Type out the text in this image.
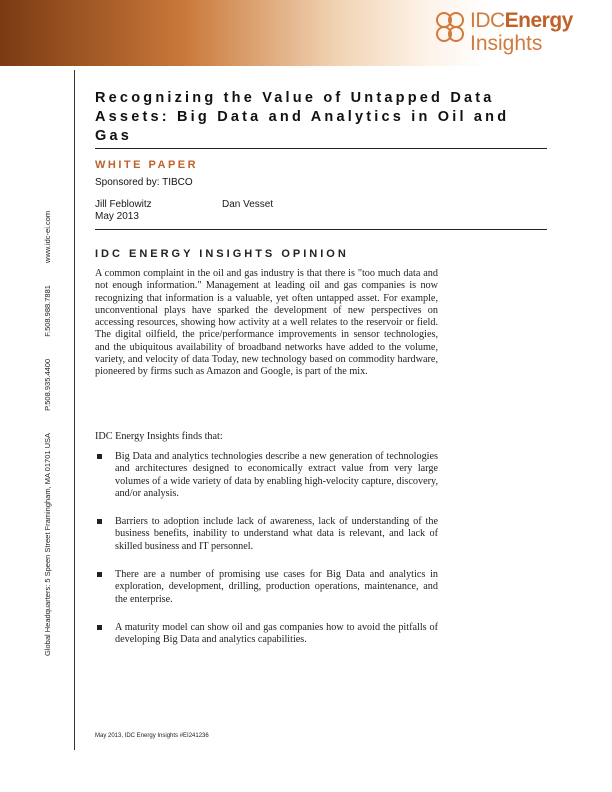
IDCEnergy
Insights
Global Headquarters: 5 Speen Street Framingham, MA 01701 USA P.508.935.4400 F.508.988.7881 www.idc-ei.com
Recognizing the Value of Untapped Data Assets: Big Data and Analytics in Oil and Gas
WHITE PAPER
Sponsored by: TIBCO
Jill Feblowitz	Dan Vesset
May 2013
IDC ENERGY INSIGHTS OPINION

A common complaint in the oil and gas industry is that there is "too much data and not enough information." Management at leading oil and gas companies is now recognizing that information is a valuable, yet often untapped asset. For example, unconventional plays have sparked the development of new perspectives on accessing resources, showing how activity at a well relates to the reservoir or field. The digital oilfield, the price/performance improvements in sensor technologies, and the ubiquitous availability of broadband networks have added to the volume, variety, and velocity of data Today, new technology based on commodity hardware, pioneered by firms such as Amazon and Google, is part of the mix.

IDC Energy Insights finds that:

Big Data and analytics technologies describe a new generation of technologies and architectures designed to economically extract value from very large volumes of a wide variety of data by enabling high-velocity capture, discovery, and/or analysis.
Barriers to adoption include lack of awareness, lack of understanding of the business benefits, inability to understand what data is relevant, and lack of skilled business and IT personnel.
There are a number of promising use cases for Big Data and analytics in exploration, development, drilling, production operations, maintenance, and the enterprise.
A maturity model can show oil and gas companies how to avoid the pitfalls of developing Big Data and analytics capabilities.
May 2013, IDC Energy Insights #EI241236
